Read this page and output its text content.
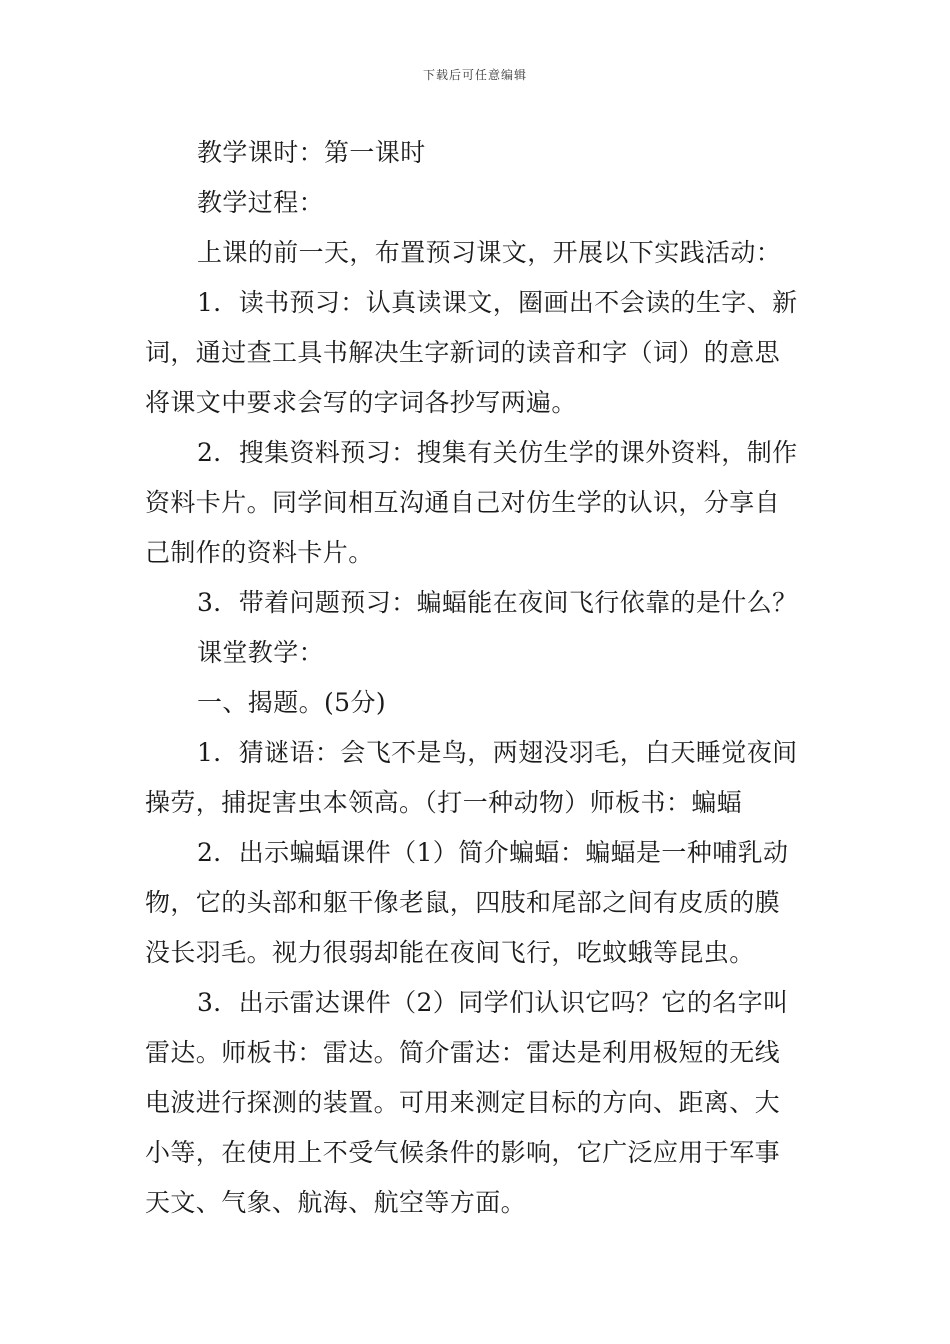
下载后可任意编辑
教学课时：第一课时
教学过程：
上课的前一天，布置预习课文，开展以下实践活动：
1．读书预习：认真读课文，圈画出不会读的生字、新
词，通过查工具书解决生字新词的读音和字（词）的意思
将课文中要求会写的字词各抄写两遍。
2．搜集资料预习：搜集有关仿生学的课外资料，制作
资料卡片。同学间相互沟通自己对仿生学的认识，分享自
己制作的资料卡片。
3．带着问题预习：蝙蝠能在夜间飞行依靠的是什么？
课堂教学：
一、揭题。(5分)
1．猜谜语：会飞不是鸟，两翅没羽毛，白天睡觉夜间
操劳，捕捉害虫本领高。（打一种动物）师板书：蝙蝠
2．出示蝙蝠课件（1）简介蝙蝠：蝙蝠是一种哺乳动
物，它的头部和躯干像老鼠，四肢和尾部之间有皮质的膜
没长羽毛。视力很弱却能在夜间飞行，吃蚊蛾等昆虫。
3．出示雷达课件（2）同学们认识它吗？它的名字叫
雷达。师板书：雷达。简介雷达：雷达是利用极短的无线
电波进行探测的装置。可用来测定目标的方向、距离、大
小等，在使用上不受气候条件的影响，它广泛应用于军事
天文、气象、航海、航空等方面。
